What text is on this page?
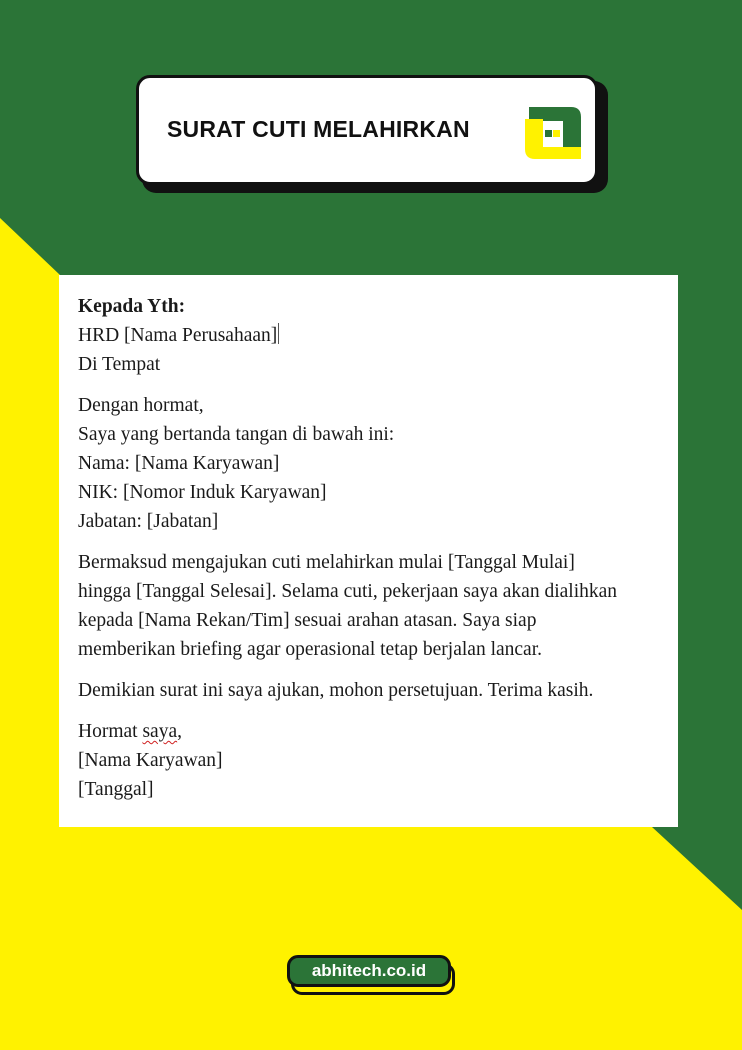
SURAT CUTI MELAHIRKAN
Kepada Yth:
HRD [Nama Perusahaan]
Di Tempat
Dengan hormat,
Saya yang bertanda tangan di bawah ini:
Nama: [Nama Karyawan]
NIK: [Nomor Induk Karyawan]
Jabatan: [Jabatan]
Bermaksud mengajukan cuti melahirkan mulai [Tanggal Mulai]
hingga [Tanggal Selesai]. Selama cuti, pekerjaan saya akan dialihkan
kepada [Nama Rekan/Tim] sesuai arahan atasan. Saya siap
memberikan briefing agar operasional tetap berjalan lancar.
Demikian surat ini saya ajukan, mohon persetujuan. Terima kasih.
Hormat saya,
[Nama Karyawan]
[Tanggal]
abhitech.co.id
